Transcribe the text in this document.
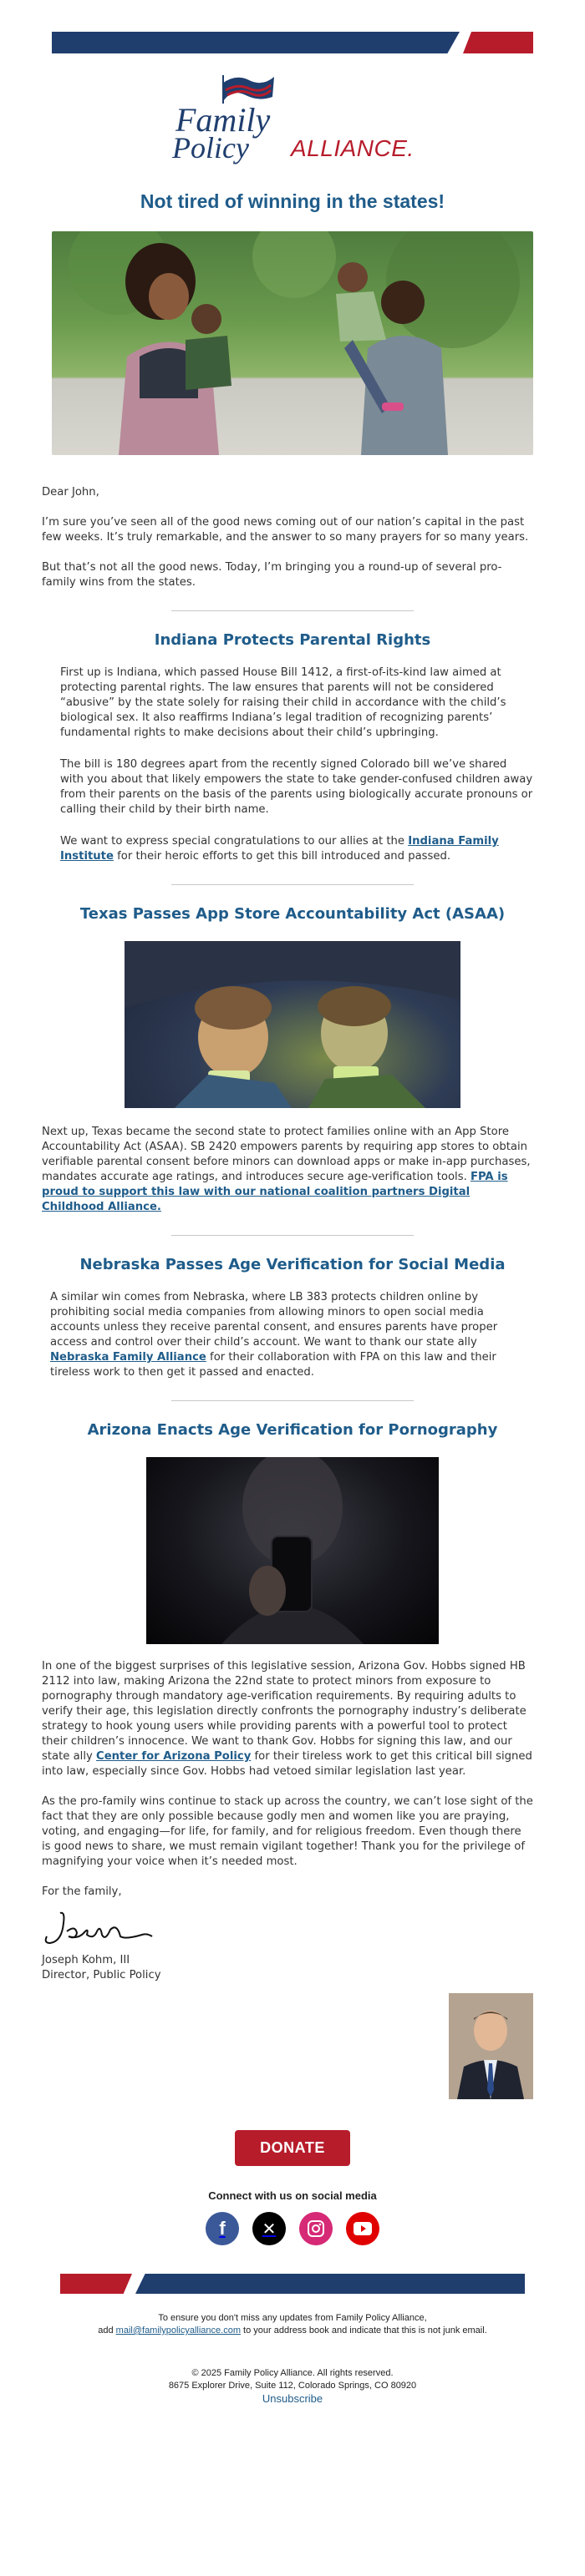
Family
Policy ALLIANCE.
Not tired of winning in the states!

Dear John,

I’m sure you’ve seen all of the good news coming out of our nation’s capital in the past few weeks. It’s truly remarkable, and the answer to so many prayers for so many years.

But that’s not all the good news. Today, I’m bringing you a round-up of several pro-family wins from the states.

Indiana Protects Parental Rights

First up is Indiana, which passed House Bill 1412, a first-of-its-kind law aimed at protecting parental rights. The law ensures that parents will not be considered “abusive” by the state solely for raising their child in accordance with the child’s biological sex. It also reaffirms Indiana’s legal tradition of recognizing parents’ fundamental rights to make decisions about their child’s upbringing.

The bill is 180 degrees apart from the recently signed Colorado bill we’ve shared with you about that likely empowers the state to take gender-confused children away from their parents on the basis of the parents using biologically accurate pronouns or calling their child by their birth name.

We want to express special congratulations to our allies at the Indiana Family Institute for their heroic efforts to get this bill introduced and passed.

Texas Passes App Store Accountability Act (ASAA)

Next up, Texas became the second state to protect families online with an App Store Accountability Act (ASAA). SB 2420 empowers parents by requiring app stores to obtain verifiable parental consent before minors can download apps or make in-app purchases, mandates accurate age ratings, and introduces secure age-verification tools. FPA is proud to support this law with our national coalition partners Digital Childhood Alliance.

Nebraska Passes Age Verification for Social Media

A similar win comes from Nebraska, where LB 383 protects children online by prohibiting social media companies from allowing minors to open social media accounts unless they receive parental consent, and ensures parents have proper access and control over their child’s account. We want to thank our state ally Nebraska Family Alliance for their collaboration with FPA on this law and their tireless work to then get it passed and enacted.

Arizona Enacts Age Verification for Pornography

In one of the biggest surprises of this legislative session, Arizona Gov. Hobbs signed HB 2112 into law, making Arizona the 22nd state to protect minors from exposure to pornography through mandatory age-verification requirements. By requiring adults to verify their age, this legislation directly confronts the pornography industry’s deliberate strategy to hook young users while providing parents with a powerful tool to protect their children’s innocence. We want to thank Gov. Hobbs for signing this law, and our state ally Center for Arizona Policy for their tireless work to get this critical bill signed into law, especially since Gov. Hobbs had vetoed similar legislation last year.

As the pro-family wins continue to stack up across the country, we can’t lose sight of the fact that they are only possible because godly men and women like you are praying, voting, and engaging—for life, for family, and for religious freedom. Even though there is good news to share, we must remain vigilant together! Thank you for the privilege of magnifying your voice when it’s needed most.

For the family,

Joseph Kohm, III

Director, Public Policy

DONATE
Connect with us on social media
f ✕
To ensure you don't miss any updates from Family Policy Alliance,
add mail@familypolicyalliance.com to your address book and indicate that this is not junk email.
© 2025 Family Policy Alliance. All rights reserved.
8675 Explorer Drive, Suite 112, Colorado Springs, CO 80920
Unsubscribe
